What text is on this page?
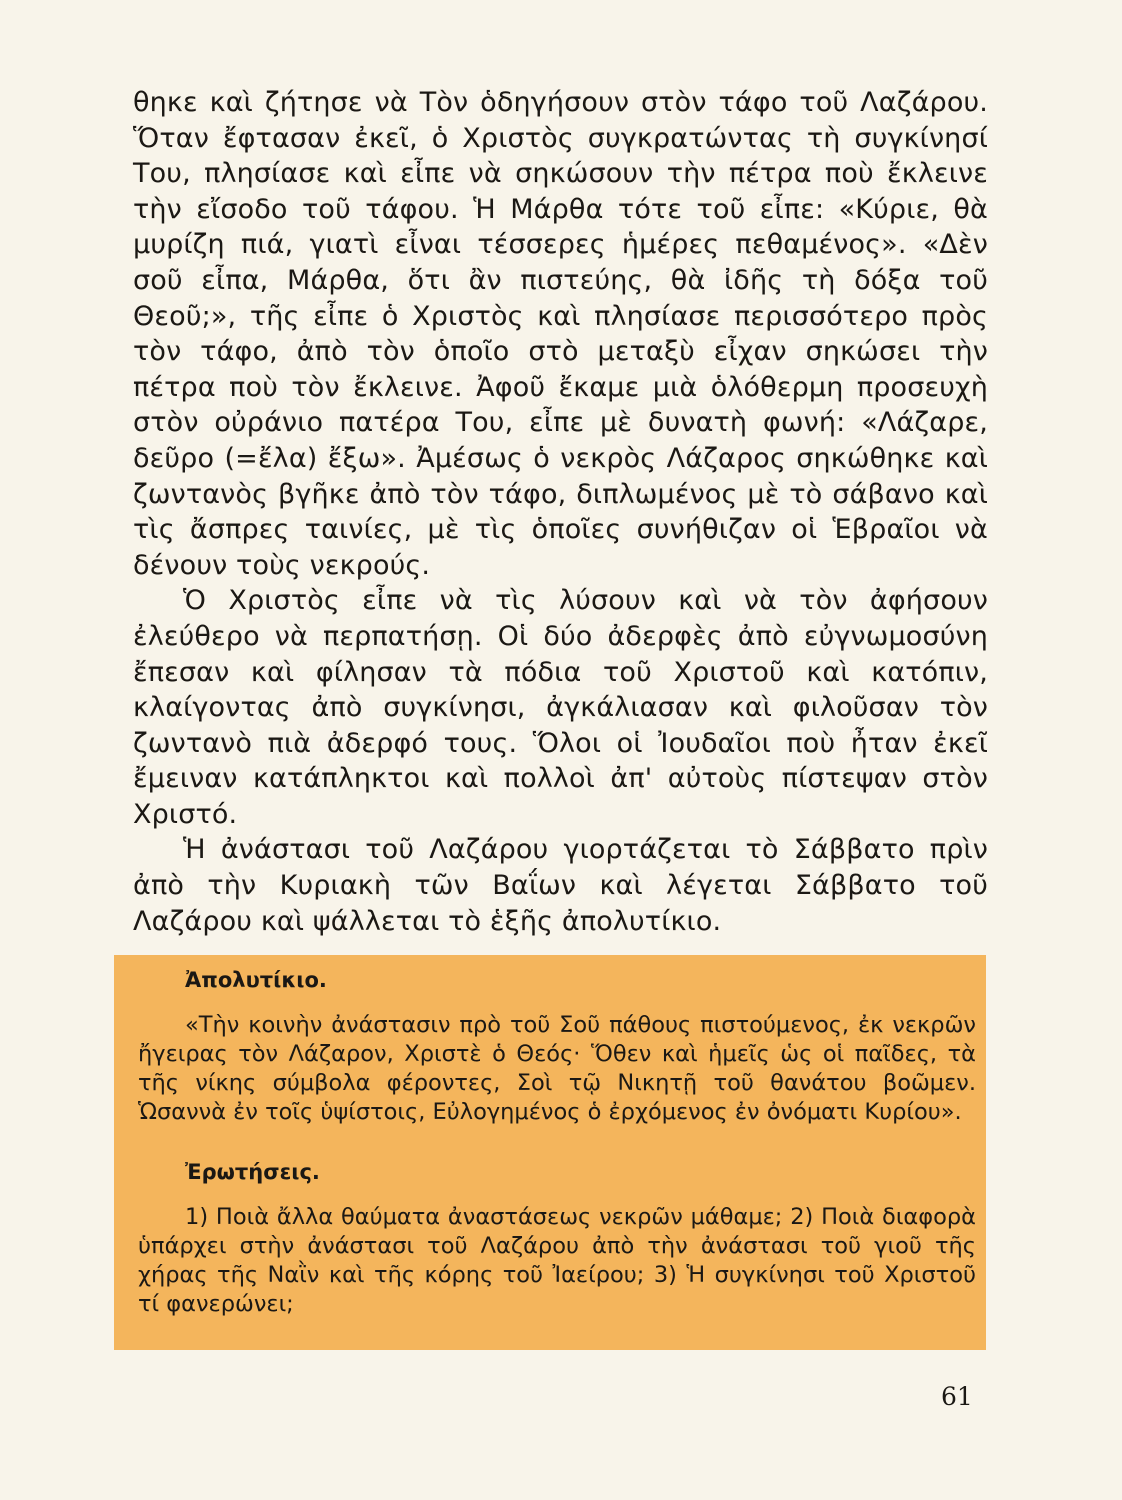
θηκε καὶ ζήτησε νὰ Τὸν ὁδηγήσουν στὸν τάφο τοῦ Λαζάρου. Ὅταν ἔφτασαν ἐκεῖ, ὁ Χριστὸς συγκρατώντας τὴ συγκίνησί Του, πλησίασε καὶ εἶπε νὰ σηκώσουν τὴν πέτρα ποὺ ἔκλεινε τὴν εἴσοδο τοῦ τάφου. Ἡ Μάρθα τότε τοῦ εἶπε: «Κύριε, θὰ μυρίζη πιά, γιατὶ εἶναι τέσσερες ἡμέρες πεθαμένος». «Δὲν σοῦ εἶπα, Μάρθα, ὅτι ἂν πιστεύης, θὰ ἰδῆς τὴ δόξα τοῦ Θεοῦ;», τῆς εἶπε ὁ Χριστὸς καὶ πλησίασε περισσότερο πρὸς τὸν τάφο, ἀπὸ τὸν ὁποῖο στὸ μεταξὺ εἶχαν σηκώσει τὴν πέτρα ποὺ τὸν ἔκλεινε. Ἀφοῦ ἔκαμε μιὰ ὁλόθερμη προσευχὴ στὸν οὐράνιο πατέρα Του, εἶπε μὲ δυνατὴ φωνή: «Λάζαρε, δεῦρο (=ἔλα) ἔξω». Ἀμέσως ὁ νεκρὸς Λάζαρος σηκώθηκε καὶ ζωντανὸς βγῆκε ἀπὸ τὸν τάφο, διπλωμένος μὲ τὸ σάβανο καὶ τὶς ἄσπρες ταινίες, μὲ τὶς ὁποῖες συνήθιζαν οἱ Ἑβραῖοι νὰ δένουν τοὺς νεκρούς.

Ὁ Χριστὸς εἶπε νὰ τὶς λύσουν καὶ νὰ τὸν ἀφήσουν ἐλεύθερο νὰ περπατήσῃ. Οἱ δύο ἀδερφὲς ἀπὸ εὐγνωμοσύνη ἔπεσαν καὶ φίλησαν τὰ πόδια τοῦ Χριστοῦ καὶ κατόπιν, κλαίγοντας ἀπὸ συγκίνησι, ἀγκάλιασαν καὶ φιλοῦσαν τὸν ζωντανὸ πιὰ ἀδερφό τους. Ὅλοι οἱ Ἰουδαῖοι ποὺ ἦταν ἐκεῖ ἔμειναν κατάπληκτοι καὶ πολλοὶ ἀπ' αὐτοὺς πίστεψαν στὸν Χριστό.

Ἡ ἀνάστασι τοῦ Λαζάρου γιορτάζεται τὸ Σάββατο πρὶν ἀπὸ τὴν Κυριακὴ τῶν Βαΐων καὶ λέγεται Σάββατο τοῦ Λαζάρου καὶ ψάλλεται τὸ ἑξῆς ἀπολυτίκιο.

Ἀπολυτίκιο.

«Τὴν κοινὴν ἀνάστασιν πρὸ τοῦ Σοῦ πάθους πιστούμενος, ἐκ νεκρῶν ἤγειρας τὸν Λάζαρον, Χριστὲ ὁ Θεός· Ὅθεν καὶ ἡμεῖς ὡς οἱ παῖδες, τὰ τῆς νίκης σύμβολα φέροντες, Σοὶ τῷ Νικητῇ τοῦ θανάτου βοῶμεν. Ὡσαννὰ ἐν τοῖς ὑψίστοις, Εὐλογημένος ὁ ἐρχόμενος ἐν ὀνόματι Κυρίου».

Ἐρωτήσεις.

1) Ποιὰ ἄλλα θαύματα ἀναστάσεως νεκρῶν μάθαμε; 2) Ποιὰ διαφορὰ ὑπάρχει στὴν ἀνάστασι τοῦ Λαζάρου ἀπὸ τὴν ἀνάστασι τοῦ γιοῦ τῆς χήρας τῆς Ναῒν καὶ τῆς κόρης τοῦ Ἰαείρου; 3) Ἡ συγκίνησι τοῦ Χριστοῦ τί φανερώνει;

61
